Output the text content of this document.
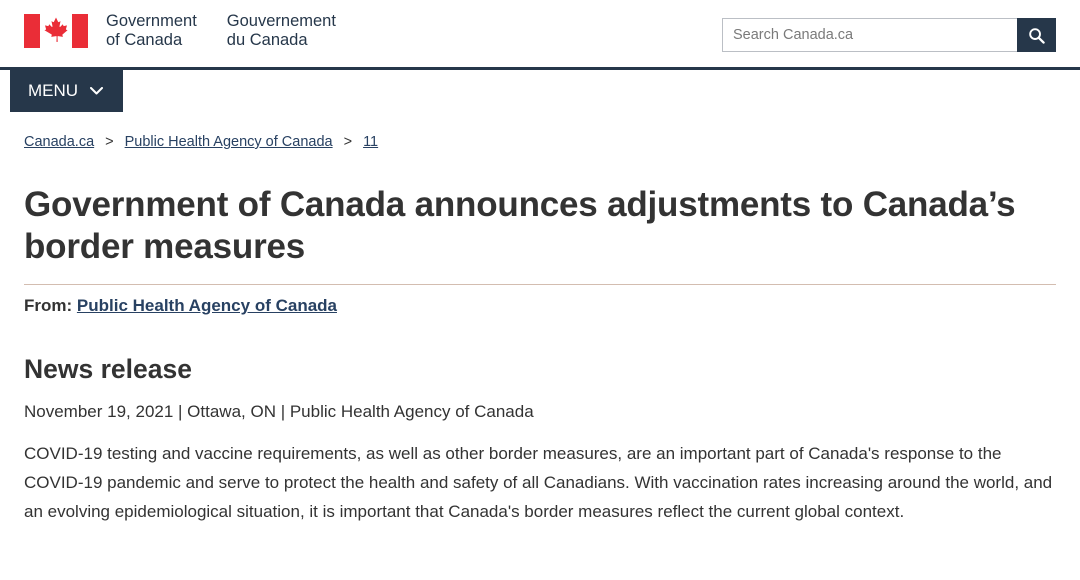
Government
of Canada
Gouvernement
du Canada
Search Canada.ca
MENU
Canada.ca > Public Health Agency of Canada > 11
Government of Canada announces adjustments to Canada’s border measures

From: Public Health Agency of Canada

News release

November 19, 2021 | Ottawa, ON | Public Health Agency of Canada

COVID-19 testing and vaccine requirements, as well as other border measures, are an important part of Canada's response to the COVID-19 pandemic and serve to protect the health and safety of all Canadians. With vaccination rates increasing around the world, and an evolving epidemiological situation, it is important that Canada's border measures reflect the current global context.
